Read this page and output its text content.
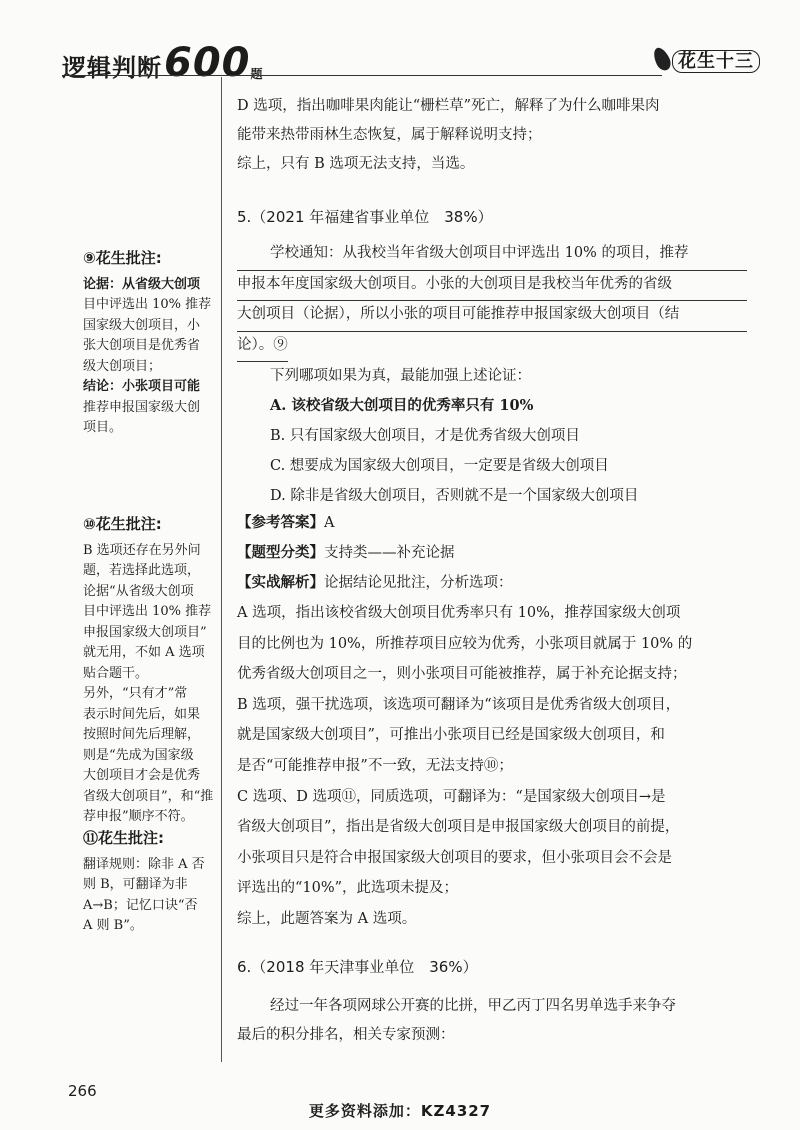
逻辑判断600题
花生十三
⑨花生批注:
论据：从省级大创项
目中评选出 10% 推荐
国家级大创项目，小
张大创项目是优秀省
级大创项目；
结论：小张项目可能
推荐申报国家级大创
项目。
⑩花生批注:
B 选项还存在另外问
题，若选择此选项，
论据“从省级大创项
目中评选出 10% 推荐
申报国家级大创项目”
就无用，不如 A 选项
贴合题干。
另外，“只有才”常
表示时间先后，如果
按照时间先后理解，
则是“先成为国家级
大创项目才会是优秀
省级大创项目”，和“推
荐申报”顺序不符。
⑪花生批注:
翻译规则：除非 A 否
则 B，可翻译为非
A→B；记忆口诀“否
A 则 B”。
D 选项，指出咖啡果肉能让“栅栏草”死亡，解释了为什么咖啡果肉
能带来热带雨林生态恢复，属于解释说明支持；
综上，只有 B 选项无法支持，当选。
5.（2021 年福建省事业单位　38%）
学校通知：从我校当年省级大创项目中评选出 10% 的项目，推荐
申报本年度国家级大创项目。小张的大创项目是我校当年优秀的省级
大创项目（论据），所以小张的项目可能推荐申报国家级大创项目（结
论）。⑨
下列哪项如果为真，最能加强上述论证：
A. 该校省级大创项目的优秀率只有 10%
B. 只有国家级大创项目，才是优秀省级大创项目
C. 想要成为国家级大创项目，一定要是省级大创项目
D. 除非是省级大创项目，否则就不是一个国家级大创项目
【参考答案】A
【题型分类】支持类——补充论据
【实战解析】论据结论见批注，分析选项：
A 选项，指出该校省级大创项目优秀率只有 10%，推荐国家级大创项
目的比例也为 10%，所推荐项目应较为优秀，小张项目就属于 10% 的
优秀省级大创项目之一，则小张项目可能被推荐，属于补充论据支持；
B 选项，强干扰选项，该选项可翻译为“该项目是优秀省级大创项目，
就是国家级大创项目”，可推出小张项目已经是国家级大创项目，和
是否“可能推荐申报”不一致，无法支持⑩；
C 选项、D 选项⑪，同质选项，可翻译为：“是国家级大创项目→是
省级大创项目”，指出是省级大创项目是申报国家级大创项目的前提，
小张项目只是符合申报国家级大创项目的要求，但小张项目会不会是
评选出的“10%”，此选项未提及；
综上，此题答案为 A 选项。
6.（2018 年天津事业单位　36%）
经过一年各项网球公开赛的比拼，甲乙丙丁四名男单选手来争夺
最后的积分排名，相关专家预测：
266
更多资料添加：KZ4327
